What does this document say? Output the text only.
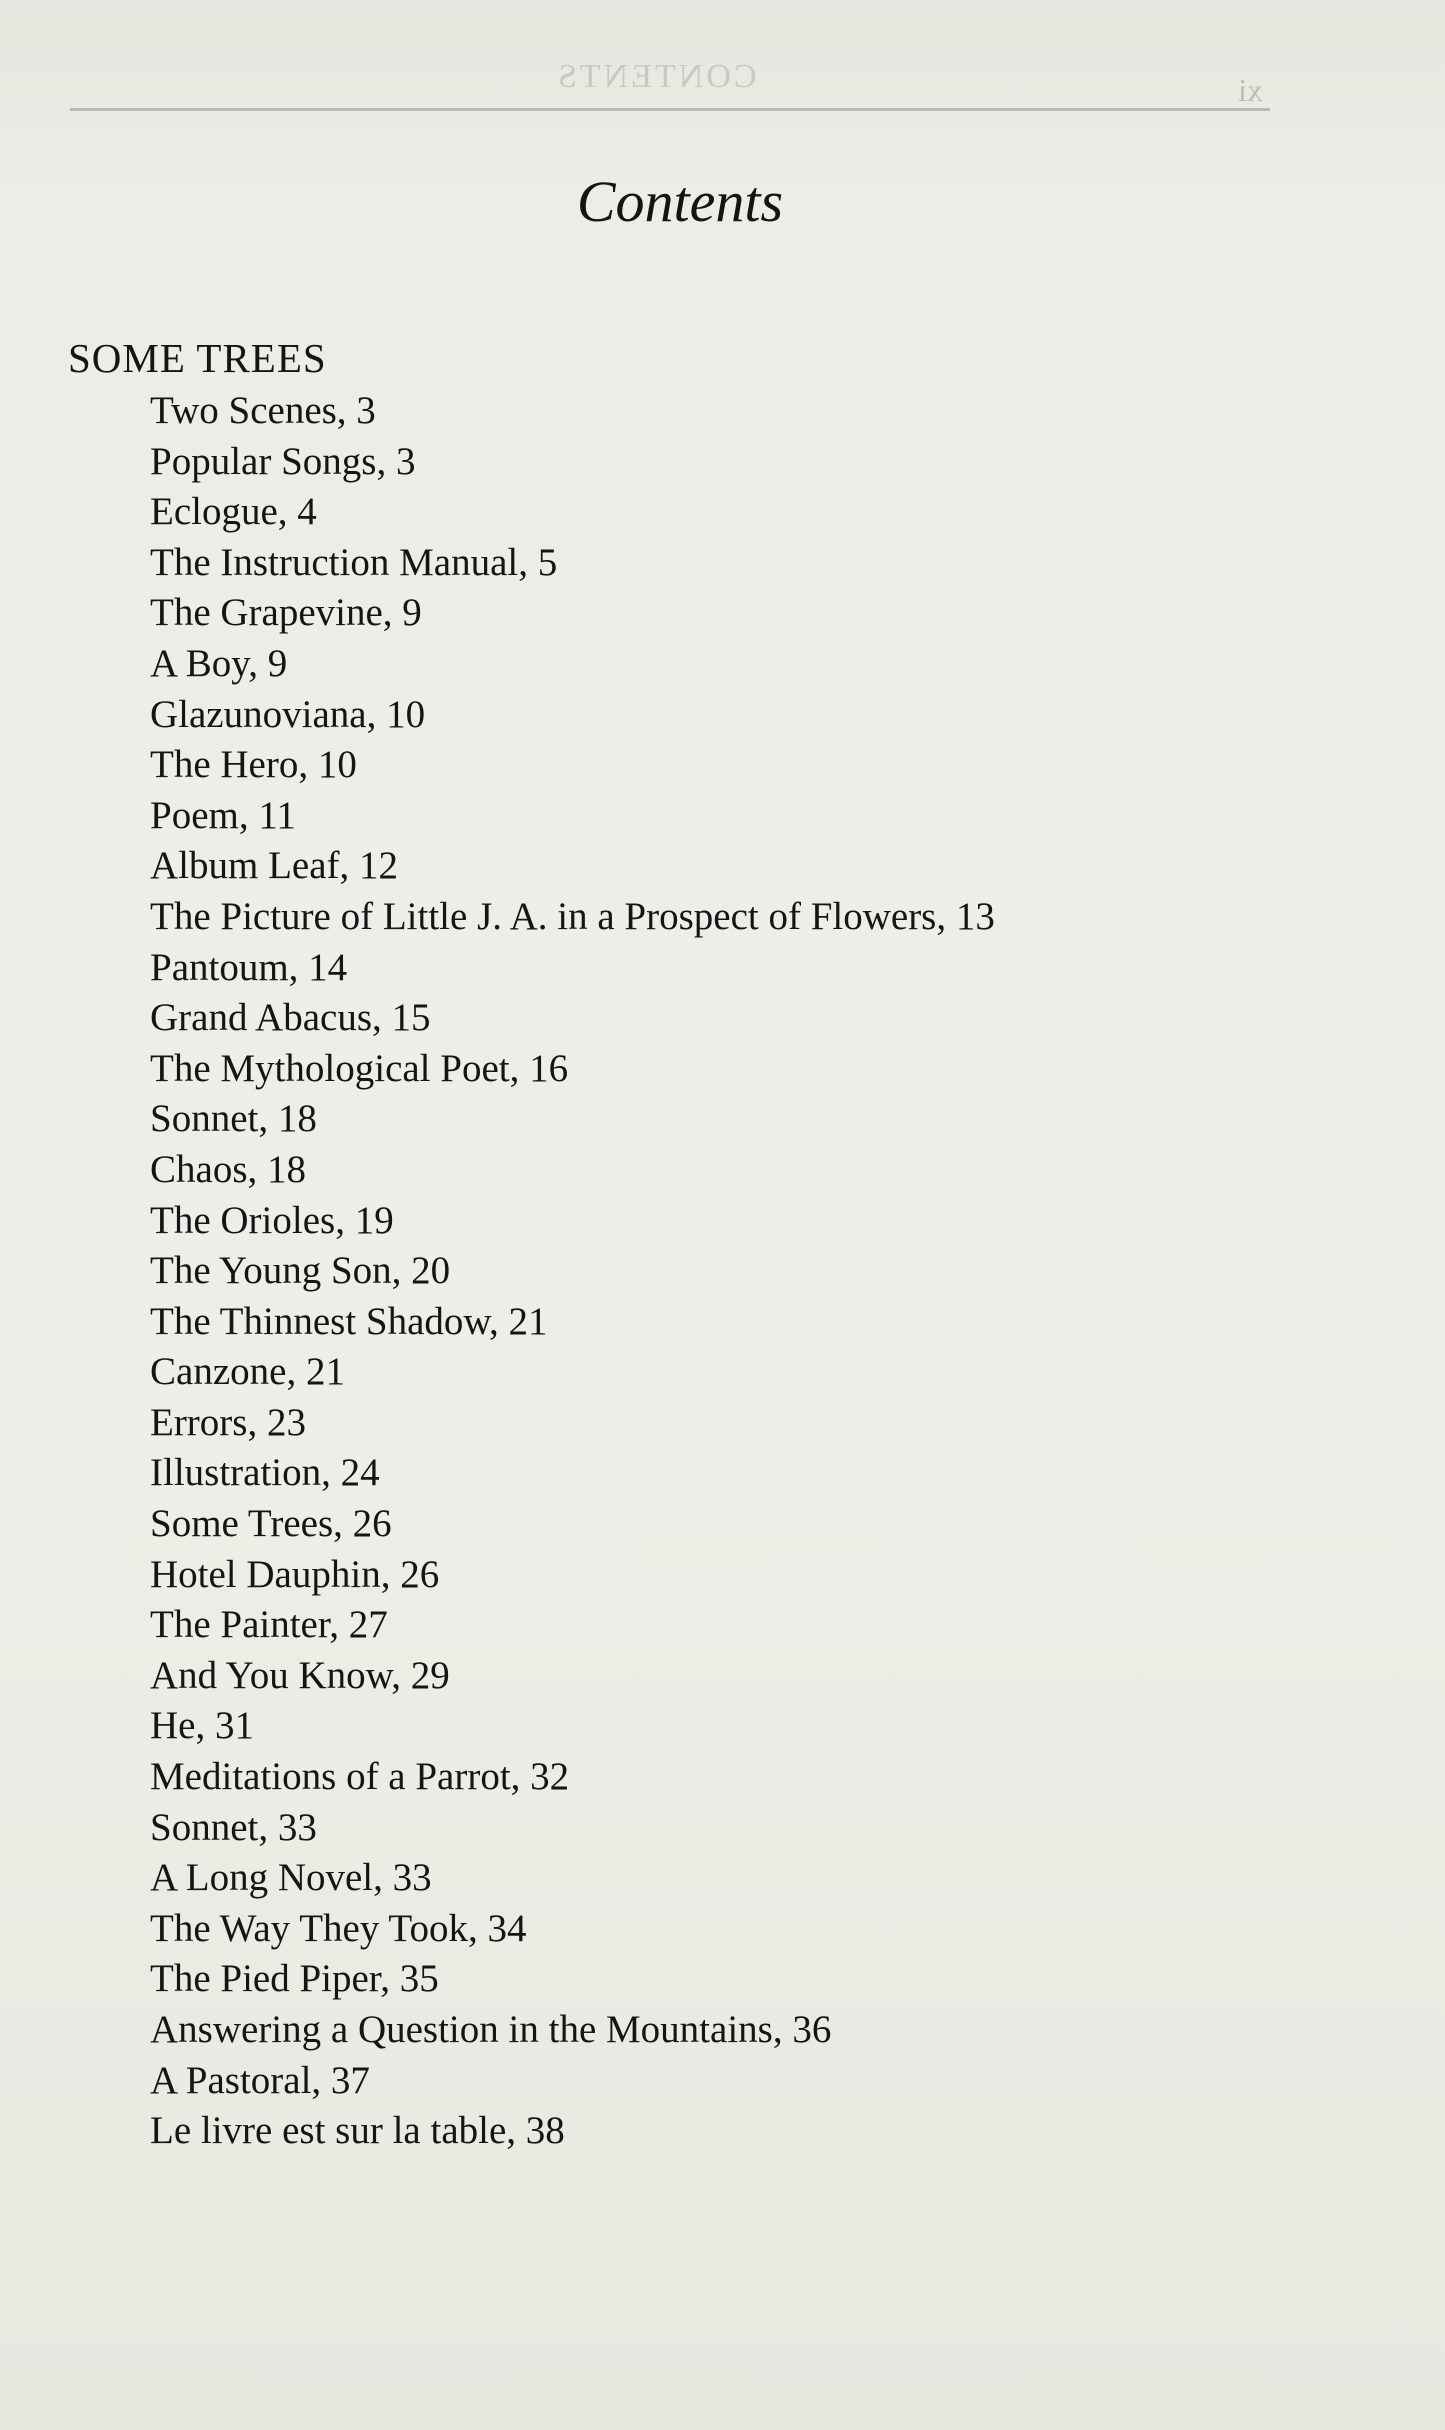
CONTENTS	xi
Contents
SOME TREES
Two Scenes, 3
Popular Songs, 3
Eclogue, 4
The Instruction Manual, 5
The Grapevine, 9
A Boy, 9
Glazunoviana, 10
The Hero, 10
Poem, 11
Album Leaf, 12
The Picture of Little J. A. in a Prospect of Flowers, 13
Pantoum, 14
Grand Abacus, 15
The Mythological Poet, 16
Sonnet, 18
Chaos, 18
The Orioles, 19
The Young Son, 20
The Thinnest Shadow, 21
Canzone, 21
Errors, 23
Illustration, 24
Some Trees, 26
Hotel Dauphin, 26
The Painter, 27
And You Know, 29
He, 31
Meditations of a Parrot, 32
Sonnet, 33
A Long Novel, 33
The Way They Took, 34
The Pied Piper, 35
Answering a Question in the Mountains, 36
A Pastoral, 37
Le livre est sur la table, 38
